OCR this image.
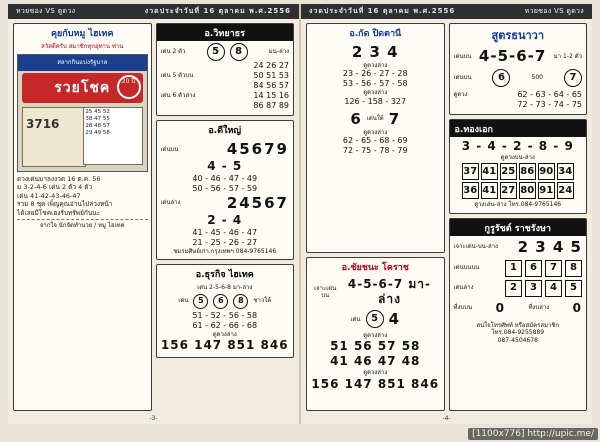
หวยซอง VS ดูดวง	งวดประจำวันที่ 16 ตุลาคม พ.ศ.2556
คุยกับหมู ไฮเทค
สวัสดีครับ สมาชิกทุกอุทาน ท่าน
สลากกินแบ่งรัฐบาล
รวยโชค	20 ปี
3716
25 45 52
38 47 55
28 48 57
29 49 58
ดวงเด่นมาลงงวด 16 ต.ค. 56
ม 3-2-4-6 เด่น 2 ตัว 4 ตัว
เด่น 41-42-43-46-47
รวม 8 ชุด เพ็ญคุณอ่านไปล่วงหน้า
ได้เลยมีโชคเฮงรับทรัพย์กันนะ
จากใจ นักจัดทำนวย / หมู ไฮเทค
อ.วิทยาธร
เด่น 2 ตัว	5	8	มน-ล่าง

24 26 27
เด่น 5 ตัวบน	50 51 53

84 56 57
เด่น 6 ตัวล่าง	14 15 16

86 87 89
อ.ดีใหญ่
เด่นบน	45679
4 - 5
40 - 46 - 47 - 49
50 - 56 - 57 - 59
เด่นล่าง	24567
2 - 4
41 - 45 - 46 - 47
21 - 25 - 26 - 27
ชมรมศิษย์เก่า.กรุงเทพฯ 084-9765146
อ.ธุรกิจ ไฮเทค
เด่น 2-5-6-8 มา-ล่าง
เด่น	5	6	8	ชาวใต้
51 - 52 - 56 - 58
61 - 62 - 66 - 68
ดูดวงล่าง
156 147 851 846
-3-
งวดประจำวันที่ 16 ตุลาคม พ.ศ.2556	หวยซอง VS ดูดวง
อ.กัด ปิดตานี
2 3 4
ดูดวงล่าง
23 - 26 - 27 - 28
53 - 56 - 57 - 58
ดูดวงล่าง
126 - 158 - 327
6 เด่นใต้ 7
ดูดวงล่าง
62 - 65 - 68 - 69
72 - 75 - 78 - 79
อ.ชัยชนะ โคราช
เจาะเด่นบน
4-5-6-7 มา-ล่าง
เด่น	5 4
ดูดวงล่าง
51 56 57 58
41 46 47 48
ดูดวงล่าง
156 147 851 846
สูตรธนาวา
เด่นบน 4-5-6-7 มา 1-2 ตัว
เด่นบน	6	500	7
ดูดวง	62 - 63 - 64 - 65

72 - 73 - 74 - 75
อ.ทองเอก
3 - 4 - 2 - 8 - 9
ดูดวงบน-ล่าง
37 41 25 86 90 34
36 41 27 80 91 24
ดูวงเล่น-ล่าง โทร.084-9765146
กูรูรัชต์ ราชรังษา
เจาะเด่น-บน-ล่าง 2 3 4 5
เด่นบนบน	1	6	7	8
เด่นล่าง	2	3	4	5
ที่งบบน 0	ที่งบล่าง 0
สนใจโทรศัพท์ หรือสมัครสมาชิก
โทร.084-9255889
087-4504678
-4-
[1100x776] http://upic.me/
